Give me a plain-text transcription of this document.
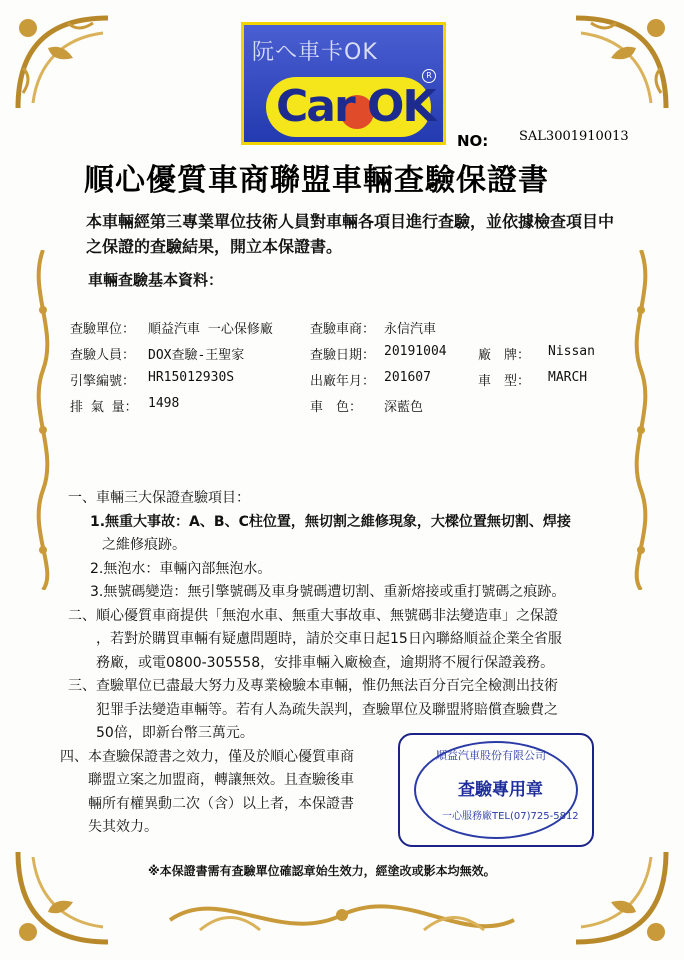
阮へ車卡OK
Car OK
R
NO: SAL3001910013
順心優質車商聯盟車輛查驗保證書
本車輛經第三專業單位技術人員對車輛各項目進行查驗，並依據檢查項目中之保證的查驗結果，開立本保證書。
車輛查驗基本資料：
查驗單位： 順益汽車 一心保修廠	查驗車商： 永信汽車
查驗人員： DOX查驗-王聖家	查驗日期： 20191004 廠　牌： Nissan
引擎編號： HR15012930S	出廠年月： 201607	車　型： MARCH
排 氣 量： 1498	車　色： 深藍色
一、車輛三大保證查驗項目：
1.無重大事故：A、B、C柱位置，無切割之維修現象，大樑位置無切割、焊接
之維修痕跡。
2.無泡水：車輛內部無泡水。
3.無號碼變造：無引擎號碼及車身號碼遭切割、重新熔接或重打號碼之痕跡。
二、順心優質車商提供「無泡水車、無重大事故車、無號碼非法變造車」之保證
，若對於購買車輛有疑慮問題時，請於交車日起15日內聯絡順益企業全省服
務廠，或電0800-305558，安排車輛入廠檢查，逾期將不履行保證義務。
三、查驗單位已盡最大努力及專業檢驗本車輛，惟仍無法百分百完全檢測出技術
犯罪手法變造車輛等。若有人為疏失誤判，查驗單位及聯盟將賠償查驗費之
50倍，即新台幣三萬元。
四、本查驗保證書之效力，僅及於順心優質車商
聯盟立案之加盟商，轉讓無效。且查驗後車
輛所有權異動二次（含）以上者，本保證書
失其效力。
順益汽車股份有限公司
查驗專用章
一心服務廠TEL(07)725-5812
※本保證書需有查驗單位確認章始生效力，經塗改或影本均無效。
